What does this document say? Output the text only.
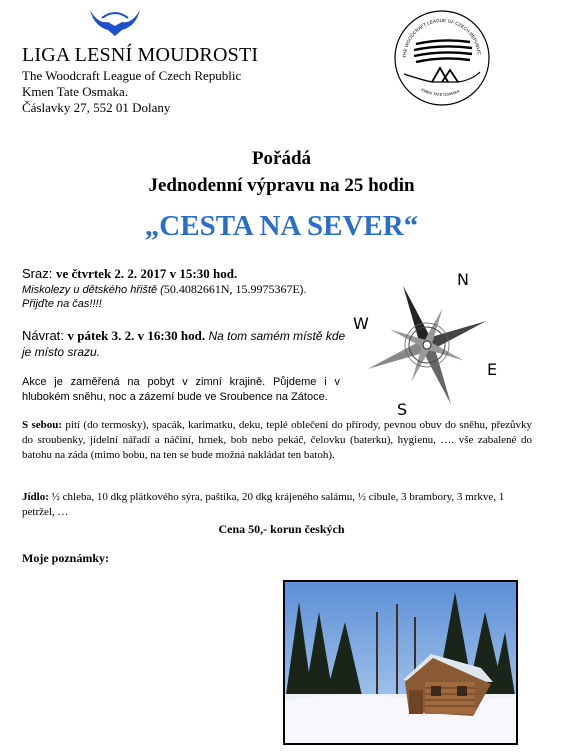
LIGA LESNÍ MOUDROSTI
The Woodcraft League of Czech Republic
Kmen Tate Osmaka.
Čáslavky 27, 552 01 Dolany
THE WOODCRAFT LEAGUE OF CZECH REPUBLIC
KMEN TATE OSMAKA
Pořádá
Jednodenní výpravu na 25 hodin
„CESTA NA SEVER“
Sraz: ve čtvrtek 2. 2. 2017 v 15:30 hod.
Miskolezy u dětského hřiště (50.4082661N, 15.9975367E).
Přijďte na čas!!!!
Návrat: v pátek 3. 2. v 16:30 hod. Na tom samém místě kde je místo srazu.
N
E
S
W
Akce je zaměřená na pobyt v zimní krajině. Půjdeme i v hlubokém sněhu, noc a zázemí bude ve Sroubence na Zátoce.
S sebou: pití (do termosky), spacák, karimatku, deku, teplé oblečení do přírody, pevnou obuv do sněhu, přezůvky do sroubenky, jídelní nářadí a náčiní, hrnek, bob nebo pekáč, čelovku (baterku), hygienu, …. vše zabalené do batohu na záda (mimo bobu, na ten se bude možná nakládat ten batoh).
Jídlo: ½ chleba, 10 dkg plátkového sýra, paštika, 20 dkg krájeného salámu, ½ cibule, 3 brambory, 3 mrkve, 1 petržel, …
Cena 50,- korun českých
Moje poznámky:
